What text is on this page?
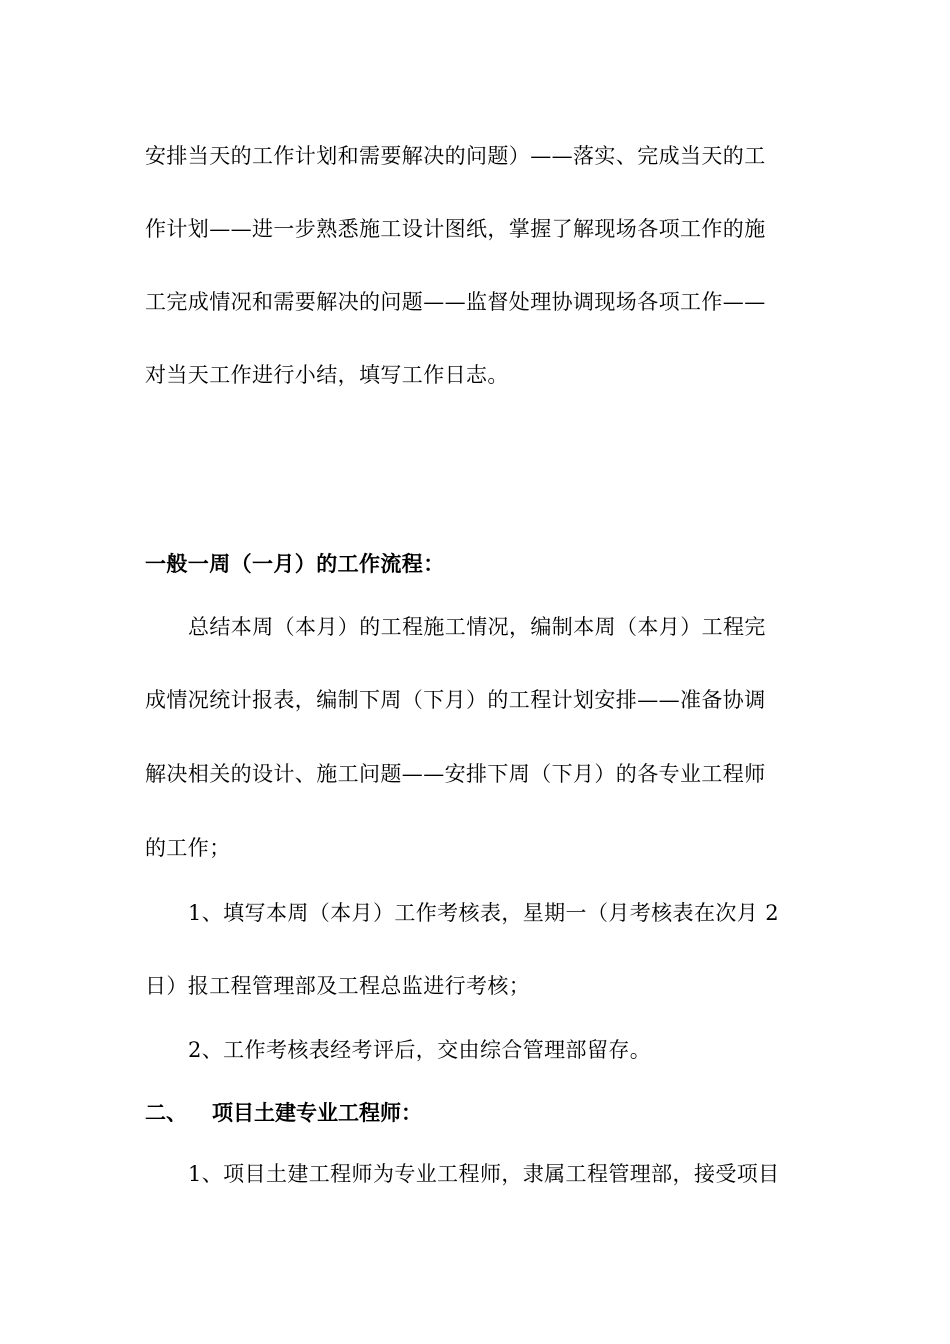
安排当天的工作计划和需要解决的问题）——落实、完成当天的工
作计划——进一步熟悉施工设计图纸，掌握了解现场各项工作的施
工完成情况和需要解决的问题——监督处理协调现场各项工作——
对当天工作进行小结，填写工作日志。
一般一周（一月）的工作流程：
总结本周（本月）的工程施工情况，编制本周（本月）工程完
成情况统计报表，编制下周（下月）的工程计划安排——准备协调
解决相关的设计、施工问题——安排下周（下月）的各专业工程师
的工作；
1、填写本周（本月）工作考核表，星期一（月考核表在次月 2
日）报工程管理部及工程总监进行考核；
2、工作考核表经考评后，交由综合管理部留存。
二、 项目土建专业工程师：
1、项目土建工程师为专业工程师，隶属工程管理部，接受项目
